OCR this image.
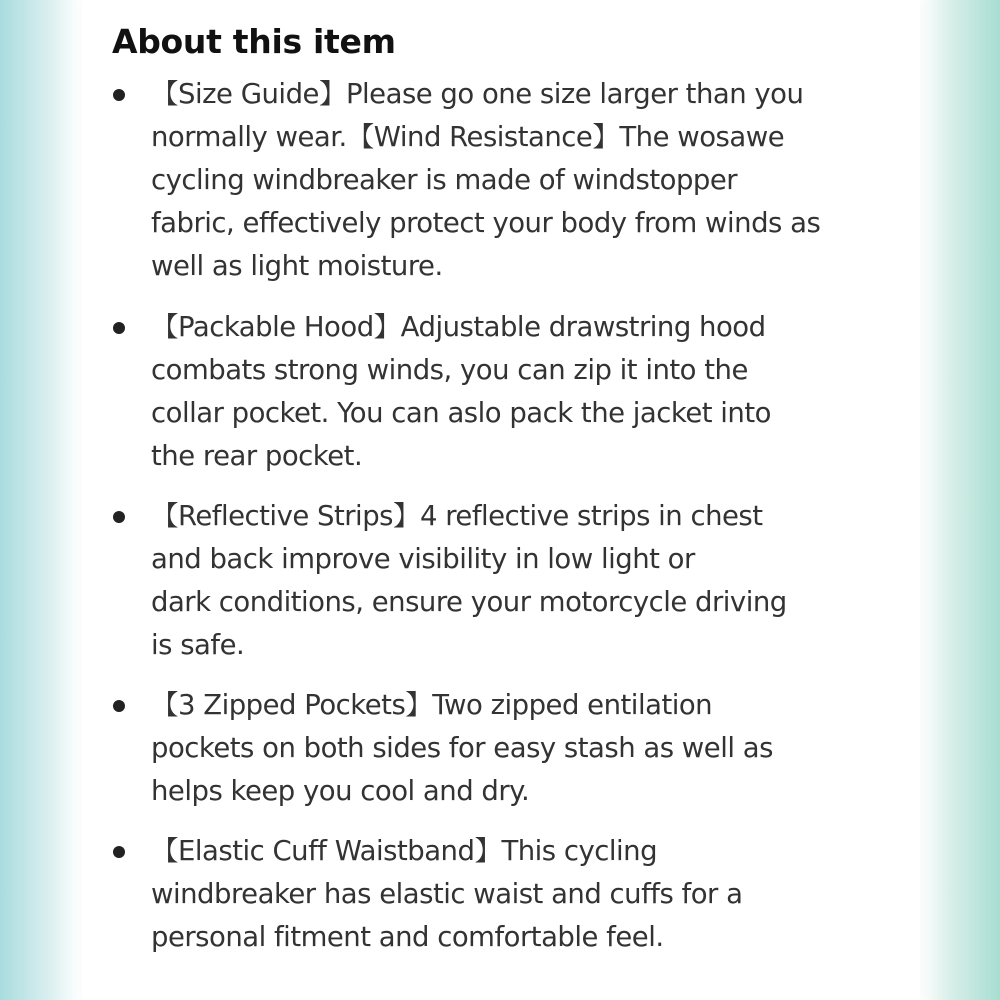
About this item

【Size Guide】Please go one size larger than you
normally wear.【Wind Resistance】The wosawe
cycling windbreaker is made of windstopper
fabric, effectively protect your body from winds as
well as light moisture.

【Packable Hood】Adjustable drawstring hood
combats strong winds, you can zip it into the
collar pocket. You can aslo pack the jacket into
the rear pocket.

【Reflective Strips】4 reflective strips in chest
and back improve visibility in low light or
dark conditions, ensure your motorcycle driving
is safe.

【3 Zipped Pockets】Two zipped entilation
pockets on both sides for easy stash as well as
helps keep you cool and dry.

【Elastic Cuff Waistband】This cycling
windbreaker has elastic waist and cuffs for a
personal fitment and comfortable feel.
